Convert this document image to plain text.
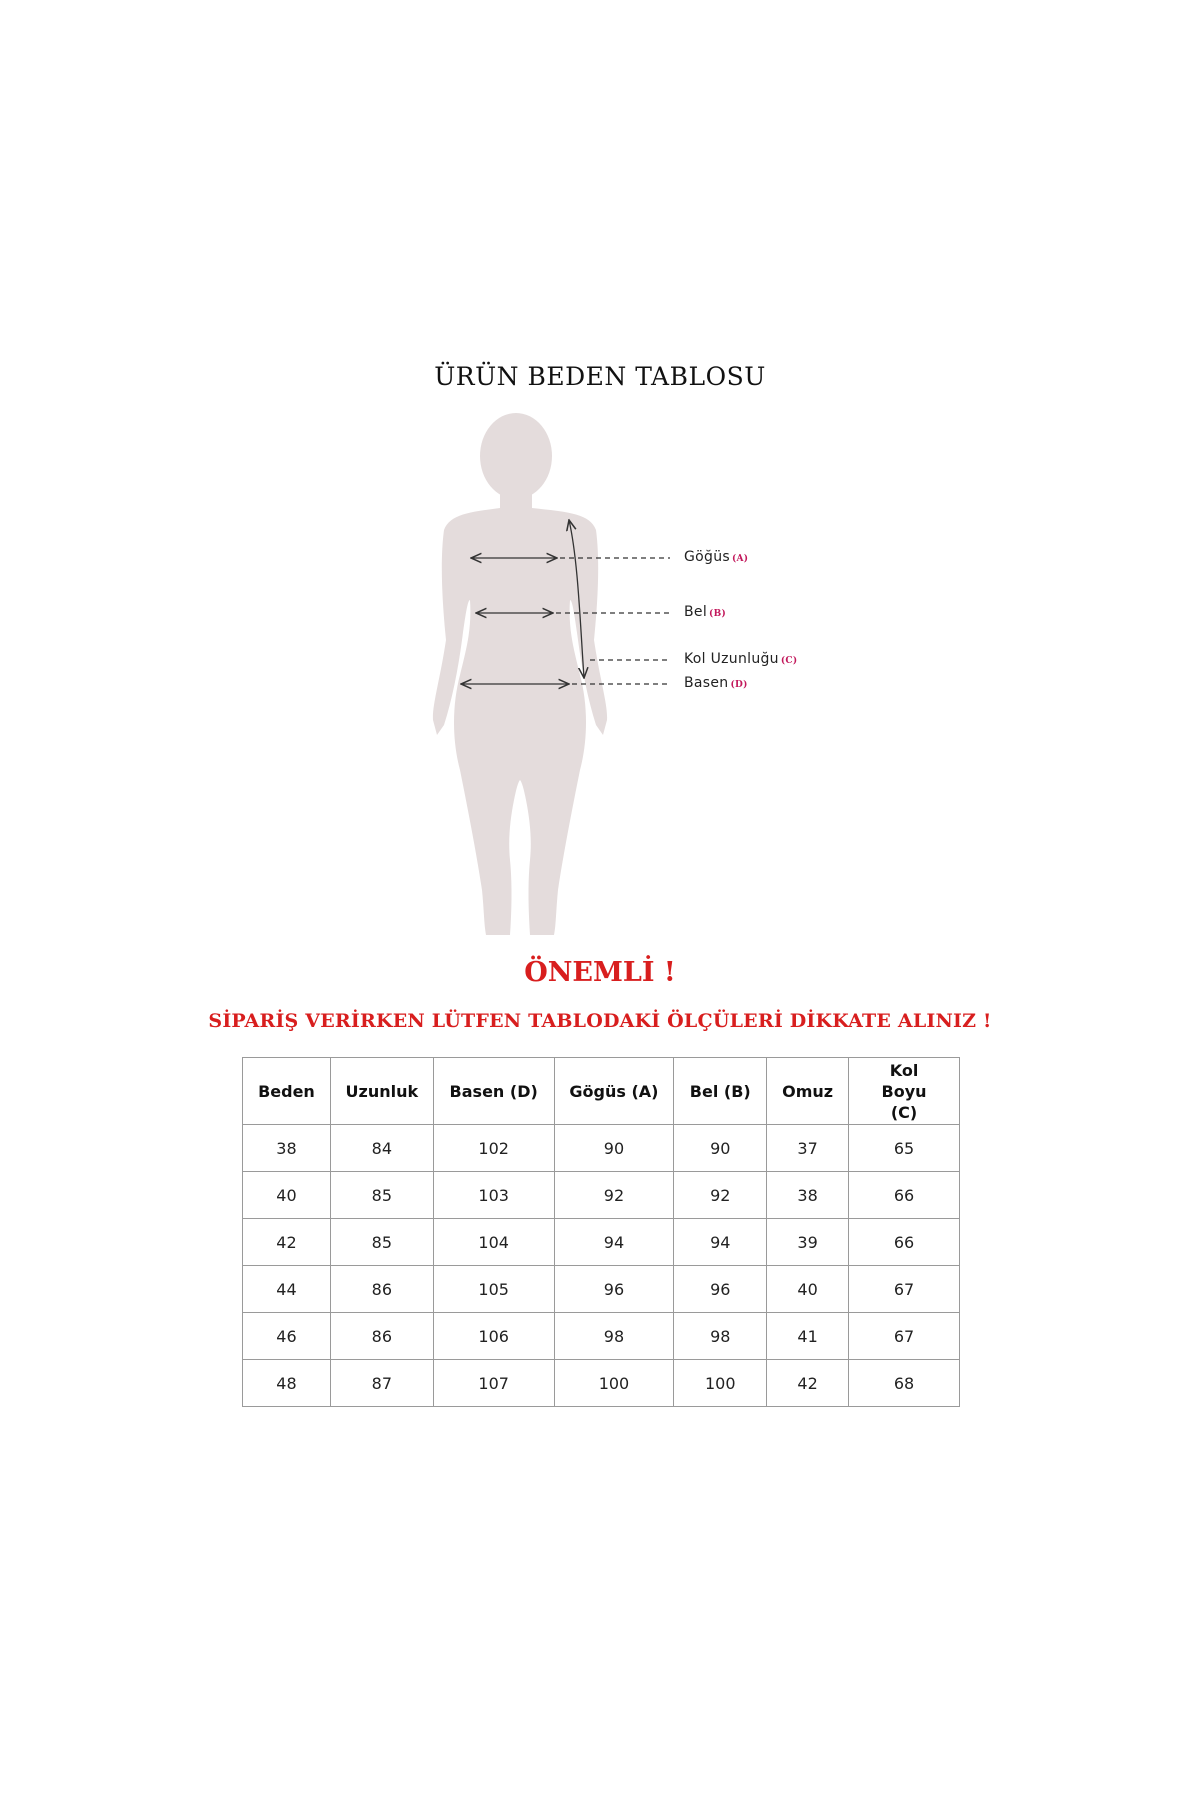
ÜRÜN BEDEN TABLOSU
Göğüs (A)
Bel (B)
Kol Uzunluğu (C)
Basen (D)
ÖNEMLİ !
SİPARİŞ VERİRKEN LÜTFEN TABLODAKİ ÖLÇÜLERİ DİKKATE ALINIZ !
Beden	Uzunluk	Basen (D)	Gögüs (A)	Bel (B)	Omuz	Kol Boyu (C)
38	84	102	90	90	37	65
40	85	103	92	92	38	66
42	85	104	94	94	39	66
44	86	105	96	96	40	67
46	86	106	98	98	41	67
48	87	107	100	100	42	68
